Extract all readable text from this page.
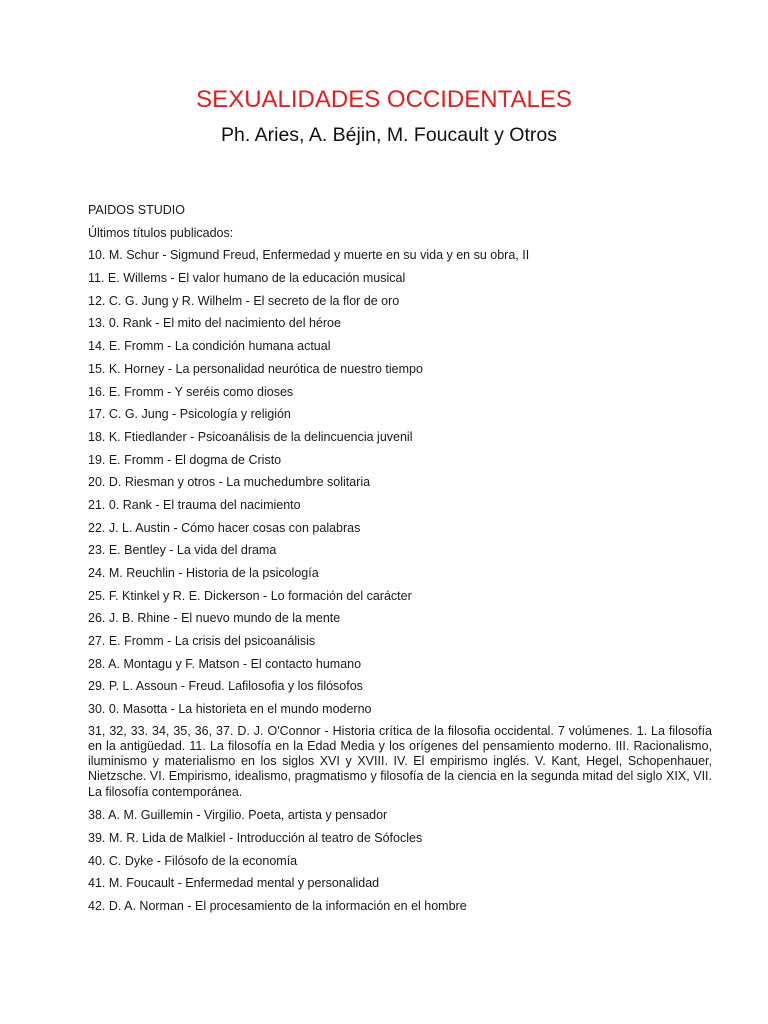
SEXUALIDADES OCCIDENTALES
Ph. Aries, A. Béjin, M. Foucault y Otros
PAIDOS STUDIO
Últimos títulos publicados:
10. M. Schur - Sigmund Freud, Enfermedad y muerte en su vida y en su obra, II
11. E. Willems - El valor humano de la educación musical
12. C. G. Jung y R. Wilhelm - El secreto de la flor de oro
13. 0. Rank - El mito del nacimiento del héroe
14. E. Fromm - La condición humana actual
15. K. Horney - La personalidad neurótica de nuestro tiempo
16. E. Fromm - Y seréis como dioses
17. C. G. Jung - Psicología y religión
18. K. Ftiedlander - Psicoanálisis de la delincuencia juvenil
19. E. Fromm - El dogma de Cristo
20. D. Riesman y otros - La muchedumbre solitaria
21. 0. Rank - El trauma del nacimiento
22. J. L. Austin - Cómo hacer cosas con palabras
23. E. Bentley - La vida del drama
24. M. Reuchlin - Historia de la psicología
25. F. Ktinkel y R. E. Dickerson - Lo formación del carácter
26. J. B. Rhine - El nuevo mundo de la mente
27. E. Fromm - La crisis del psicoanálisis
28. A. Montagu y F. Matson - El contacto humano
29. P. L. Assoun - Freud. Lafilosofia y los filósofos
30. 0. Masotta - La historieta en el mundo moderno
31, 32, 33. 34, 35, 36, 37. D. J. O'Connor - Historia crítica de la filosofia occidental. 7 volúmenes. 1. La filosofía en la antigüedad. 11. La filosofía en la Edad Media y los orígenes del pensamiento moderno. III. Racionalismo, iluminismo y materialismo en los siglos XVI y XVIII. IV. El empirismo inglés. V. Kant, Hegel, Schopenhauer, Nietzsche. VI. Empirismo, idealismo, pragmatismo y filosofía de la ciencia en la segunda mitad del siglo XIX, VII. La filosofía contemporánea.
38. A. M. Guillemin - Virgilio. Poeta, artista y pensador
39. M. R. Lida de Malkiel - Introducción al teatro de Sófocles
40. C. Dyke - Filósofo de la economía
41. M. Foucault - Enfermedad mental y personalidad
42. D. A. Norman - El procesamiento de la información en el hombre
